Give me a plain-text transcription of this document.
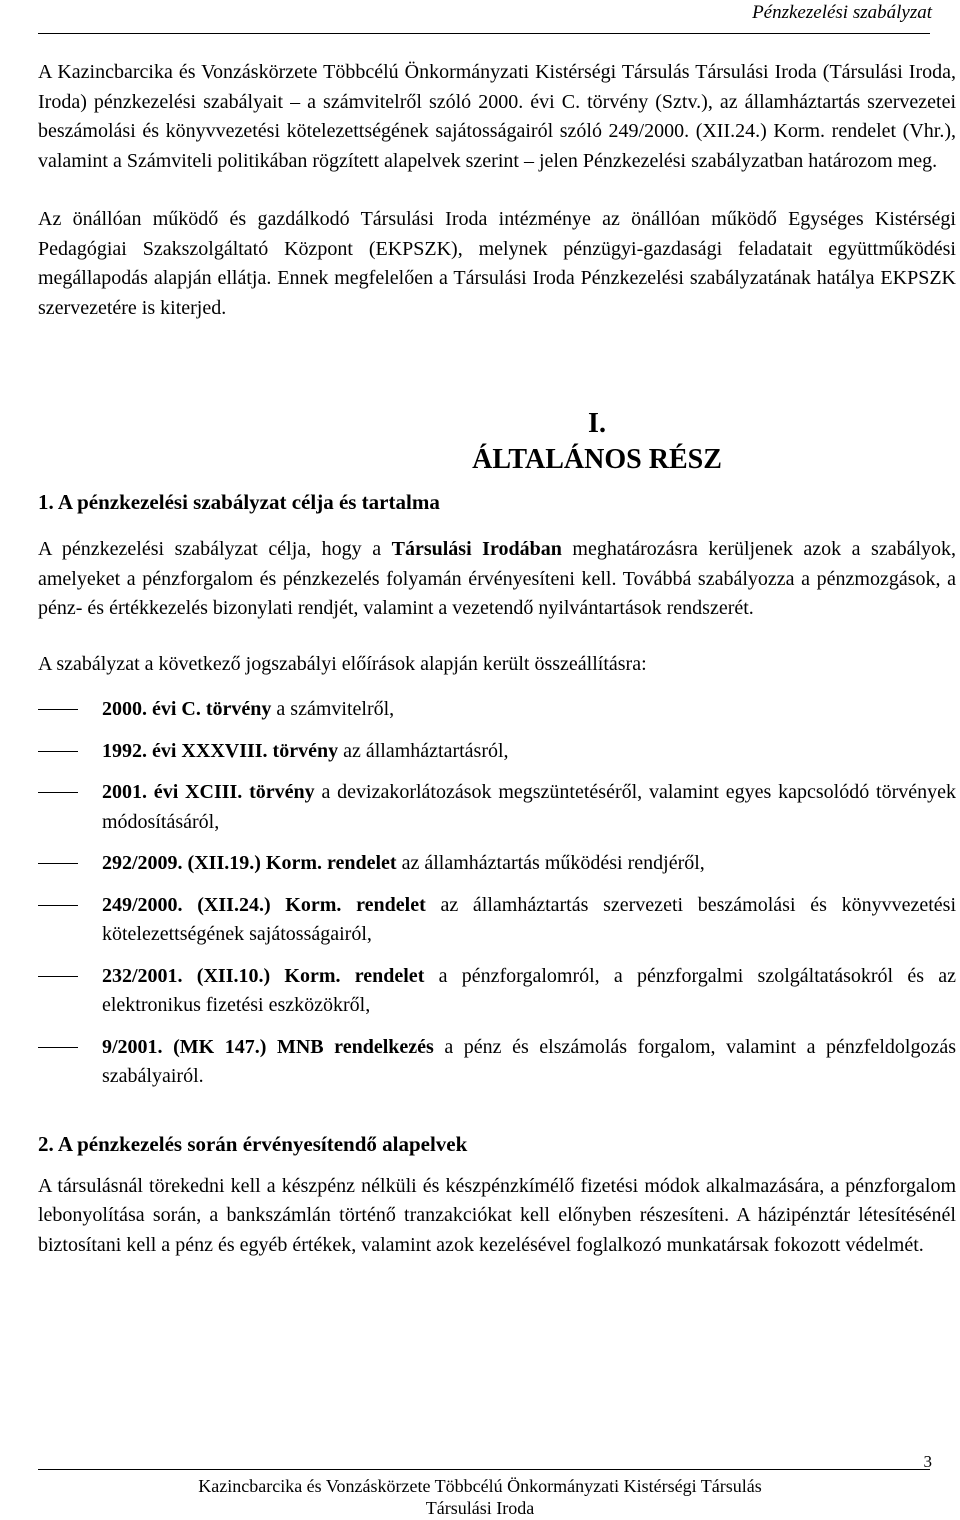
Pénzkezelési szabályzat

A Kazincbarcika és Vonzáskörzete Többcélú Önkormányzati Kistérségi Társulás Társulási Iroda (Társulási Iroda, Iroda) pénzkezelési szabályait – a számvitelről szóló 2000. évi C. törvény (Sztv.), az államháztartás szervezetei beszámolási és könyvvezetési kötelezettségének sajátosságairól szóló 249/2000. (XII.24.) Korm. rendelet (Vhr.), valamint a Számviteli politikában rögzített alapelvek szerint – jelen Pénzkezelési szabályzatban határozom meg.

Az önállóan működő és gazdálkodó Társulási Iroda intézménye az önállóan működő Egységes Kistérségi Pedagógiai Szakszolgáltató Központ (EKPSZK), melynek pénzügyi-gazdasági feladatait együttműködési megállapodás alapján ellátja. Ennek megfelelően a Társulási Iroda Pénzkezelési szabályzatának hatálya EKPSZK szervezetére is kiterjed.

I.
ÁLTALÁNOS RÉSZ
1. A pénzkezelési szabályzat célja és tartalma

A pénzkezelési szabályzat célja, hogy a Társulási Irodában meghatározásra kerüljenek azok a szabályok, amelyeket a pénzforgalom és pénzkezelés folyamán érvényesíteni kell. Továbbá szabályozza a pénzmozgások, a pénz- és értékkezelés bizonylati rendjét, valamint a vezetendő nyilvántartások rendszerét.

A szabályzat a következő jogszabályi előírások alapján került összeállításra:

2000. évi C. törvény a számvitelről,
1992. évi XXXVIII. törvény az államháztartásról,
2001. évi XCIII. törvény a devizakorlátozások megszüntetéséről, valamint egyes kapcsolódó törvények módosításáról,
292/2009. (XII.19.) Korm. rendelet az államháztartás működési rendjéről,
249/2000. (XII.24.) Korm. rendelet az államháztartás szervezeti beszámolási és könyvvezetési kötelezettségének sajátosságairól,
232/2001. (XII.10.) Korm. rendelet a pénzforgalomról, a pénzforgalmi szolgáltatásokról és az elektronikus fizetési eszközökről,
9/2001. (MK 147.) MNB rendelkezés a pénz és elszámolás forgalom, valamint a pénzfeldolgozás szabályairól.
2. A pénzkezelés során érvényesítendő alapelvek

A társulásnál törekedni kell a készpénz nélküli és készpénzkímélő fizetési módok alkalmazására, a pénzforgalom lebonyolítása során, a bankszámlán történő tranzakciókat kell előnyben részesíteni. A házipénztár létesítésénél biztosítani kell a pénz és egyéb értékek, valamint azok kezelésével foglalkozó munkatársak fokozott védelmét.

3
Kazincbarcika és Vonzáskörzete Többcélú Önkormányzati Kistérségi Társulás
Társulási Iroda
